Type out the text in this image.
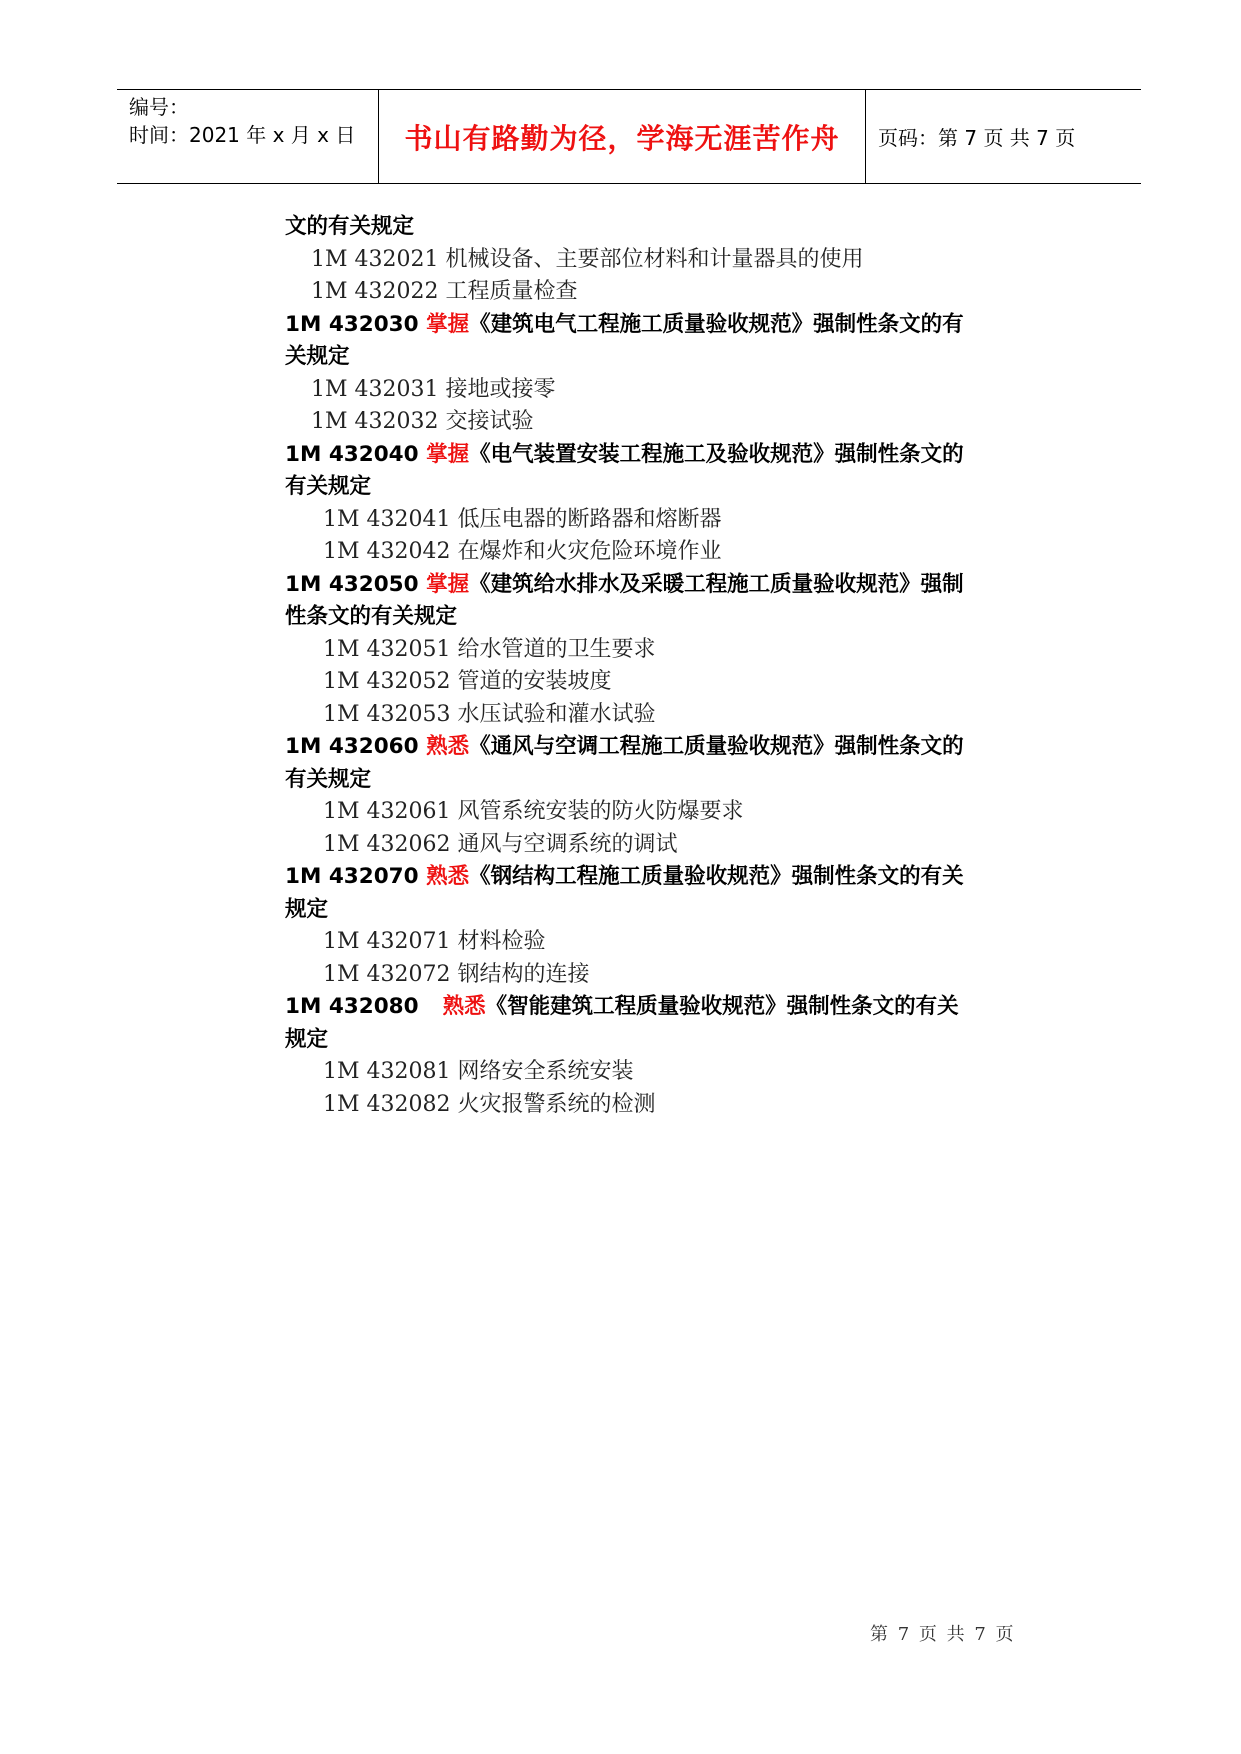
编号：
时间：2021 年 x 月 x 日	书山有路勤为径，学海无涯苦作舟	页码：第 7 页 共 7 页
文的有关规定
1M 432021 机械设备、主要部位材料和计量器具的使用
1M 432022 工程质量检查
1M 432030 掌握《建筑电气工程施工质量验收规范》强制性条文的有
关规定
1M 432031 接地或接零
1M 432032 交接试验
1M 432040 掌握《电气装置安装工程施工及验收规范》强制性条文的
有关规定
1M 432041 低压电器的断路器和熔断器
1M 432042 在爆炸和火灾危险环境作业
1M 432050 掌握《建筑给水排水及采暖工程施工质量验收规范》强制
性条文的有关规定
1M 432051 给水管道的卫生要求
1M 432052 管道的安装坡度
1M 432053 水压试验和灌水试验
1M 432060 熟悉《通风与空调工程施工质量验收规范》强制性条文的
有关规定
1M 432061 风管系统安装的防火防爆要求
1M 432062 通风与空调系统的调试
1M 432070 熟悉《钢结构工程施工质量验收规范》强制性条文的有关
规定
1M 432071 材料检验
1M 432072 钢结构的连接
1M 432080 熟悉《智能建筑工程质量验收规范》强制性条文的有关
规定
1M 432081 网络安全系统安装
1M 432082 火灾报警系统的检测
第 7 页 共 7 页
